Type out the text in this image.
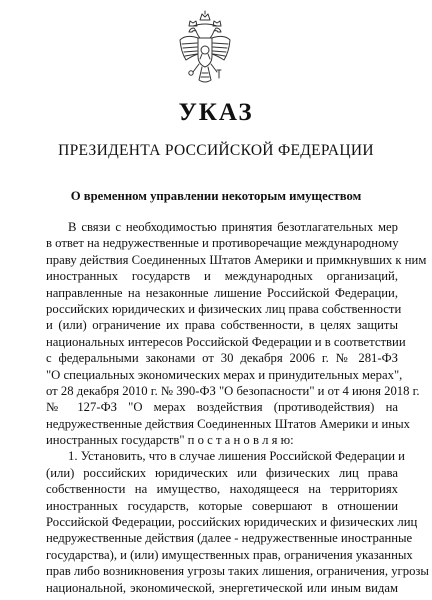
УКАЗ
ПРЕЗИДЕНТА РОССИЙСКОЙ ФЕДЕРАЦИИ
О временном управлении некоторым имуществом
В связи с необходимостью принятия безотлагательных мер
в ответ на недружественные и противоречащие международному
праву действия Соединенных Штатов Америки и примкнувших к ним
иностранных государств и международных организаций,
направленные на незаконные лишение Российской Федерации,
российских юридических и физических лиц права собственности
и (или) ограничение их права собственности, в целях защиты
национальных интересов Российской Федерации и в соответствии
с федеральными законами от 30 декабря 2006 г. № 281-ФЗ
"О специальных экономических мерах и принудительных мерах",
от 28 декабря 2010 г. № 390-ФЗ "О безопасности" и от 4 июня 2018 г.
№ 127-ФЗ "О мерах воздействия (противодействия) на
недружественные действия Соединенных Штатов Америки и иных
иностранных государств" п о с т а н о в л я ю:
1. Установить, что в случае лишения Российской Федерации и
(или) российских юридических или физических лиц права
собственности на имущество, находящееся на территориях
иностранных государств, которые совершают в отношении
Российской Федерации, российских юридических и физических лиц
недружественные действия (далее - недружественные иностранные
государства), и (или) имущественных прав, ограничения указанных
прав либо возникновения угрозы таких лишения, ограничения, угрозы
национальной, экономической, энергетической или иным видам
